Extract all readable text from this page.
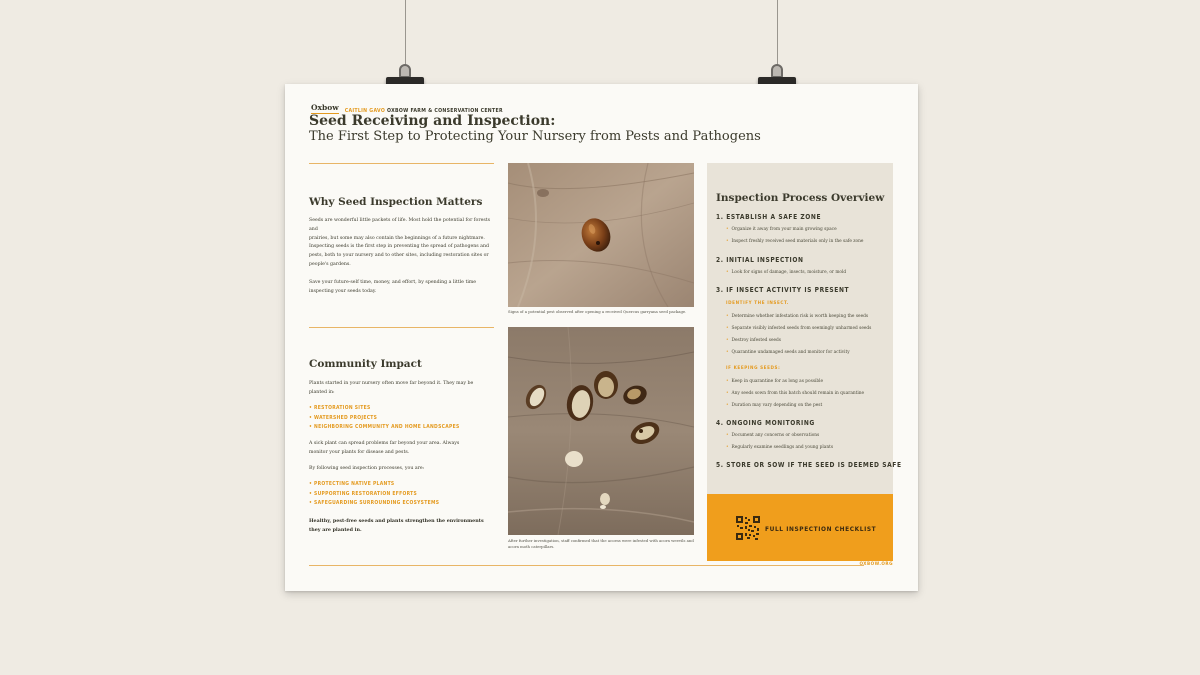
Oxbow CAITLIN GAVO OXBOW FARM & CONSERVATION CENTER
Seed Receiving and Inspection:
The First Step to Protecting Your Nursery from Pests and Pathogens
Why Seed Inspection Matters
Seeds are wonderful little packets of life. Most hold the potential for forests and
prairies, but some may also contain the beginnings of a future nightmare.
Inspecting seeds is the first step in preventing the spread of pathogens and
pests, both to your nursery and to other sites, including restoration sites or
people's gardens.
Save your future-self time, money, and effort, by spending a little time
inspecting your seeds today.
Community Impact
Plants started in your nursery often move far beyond it. They may be
planted in:
• RESTORATION SITES
• WATERSHED PROJECTS
• NEIGHBORING COMMUNITY AND HOME LANDSCAPES
A sick plant can spread problems far beyond your area. Always
monitor your plants for disease and pests.
By following seed inspection processes, you are:
• PROTECTING NATIVE PLANTS
• SUPPORTING RESTORATION EFFORTS
• SAFEGUARDING SURROUNDING ECOSYSTEMS
Healthy, pest-free seeds and plants strengthen the environments
they are planted in.
Signs of a potential pest observed after opening a received Quercus garryana seed package.
After further investigation, staff confirmed that the acorns were infested with acorn weevils and
acorn moth caterpillars.
Inspection Process Overview
1. ESTABLISH A SAFE ZONE
• Organize it away from your main growing space
• Inspect freshly received seed materials only in the safe zone
2. INITIAL INSPECTION
• Look for signs of damage, insects, moisture, or mold
3. IF INSECT ACTIVITY IS PRESENT
IDENTIFY THE INSECT.
• Determine whether infestation risk is worth keeping the seeds
• Separate visibly infested seeds from seemingly unharmed seeds
• Destroy infested seeds
• Quarantine undamaged seeds and monitor for activity
IF KEEPING SEEDS:
• Keep in quarantine for as long as possible
• Any seeds sown from this batch should remain in quarantine
• Duration may vary depending on the pest
4. ONGOING MONITORING
• Document any concerns or observations
• Regularly examine seedlings and young plants
5. STORE OR SOW IF THE SEED IS DEEMED SAFE
FULL INSPECTION CHECKLIST
OXBOW.ORG
